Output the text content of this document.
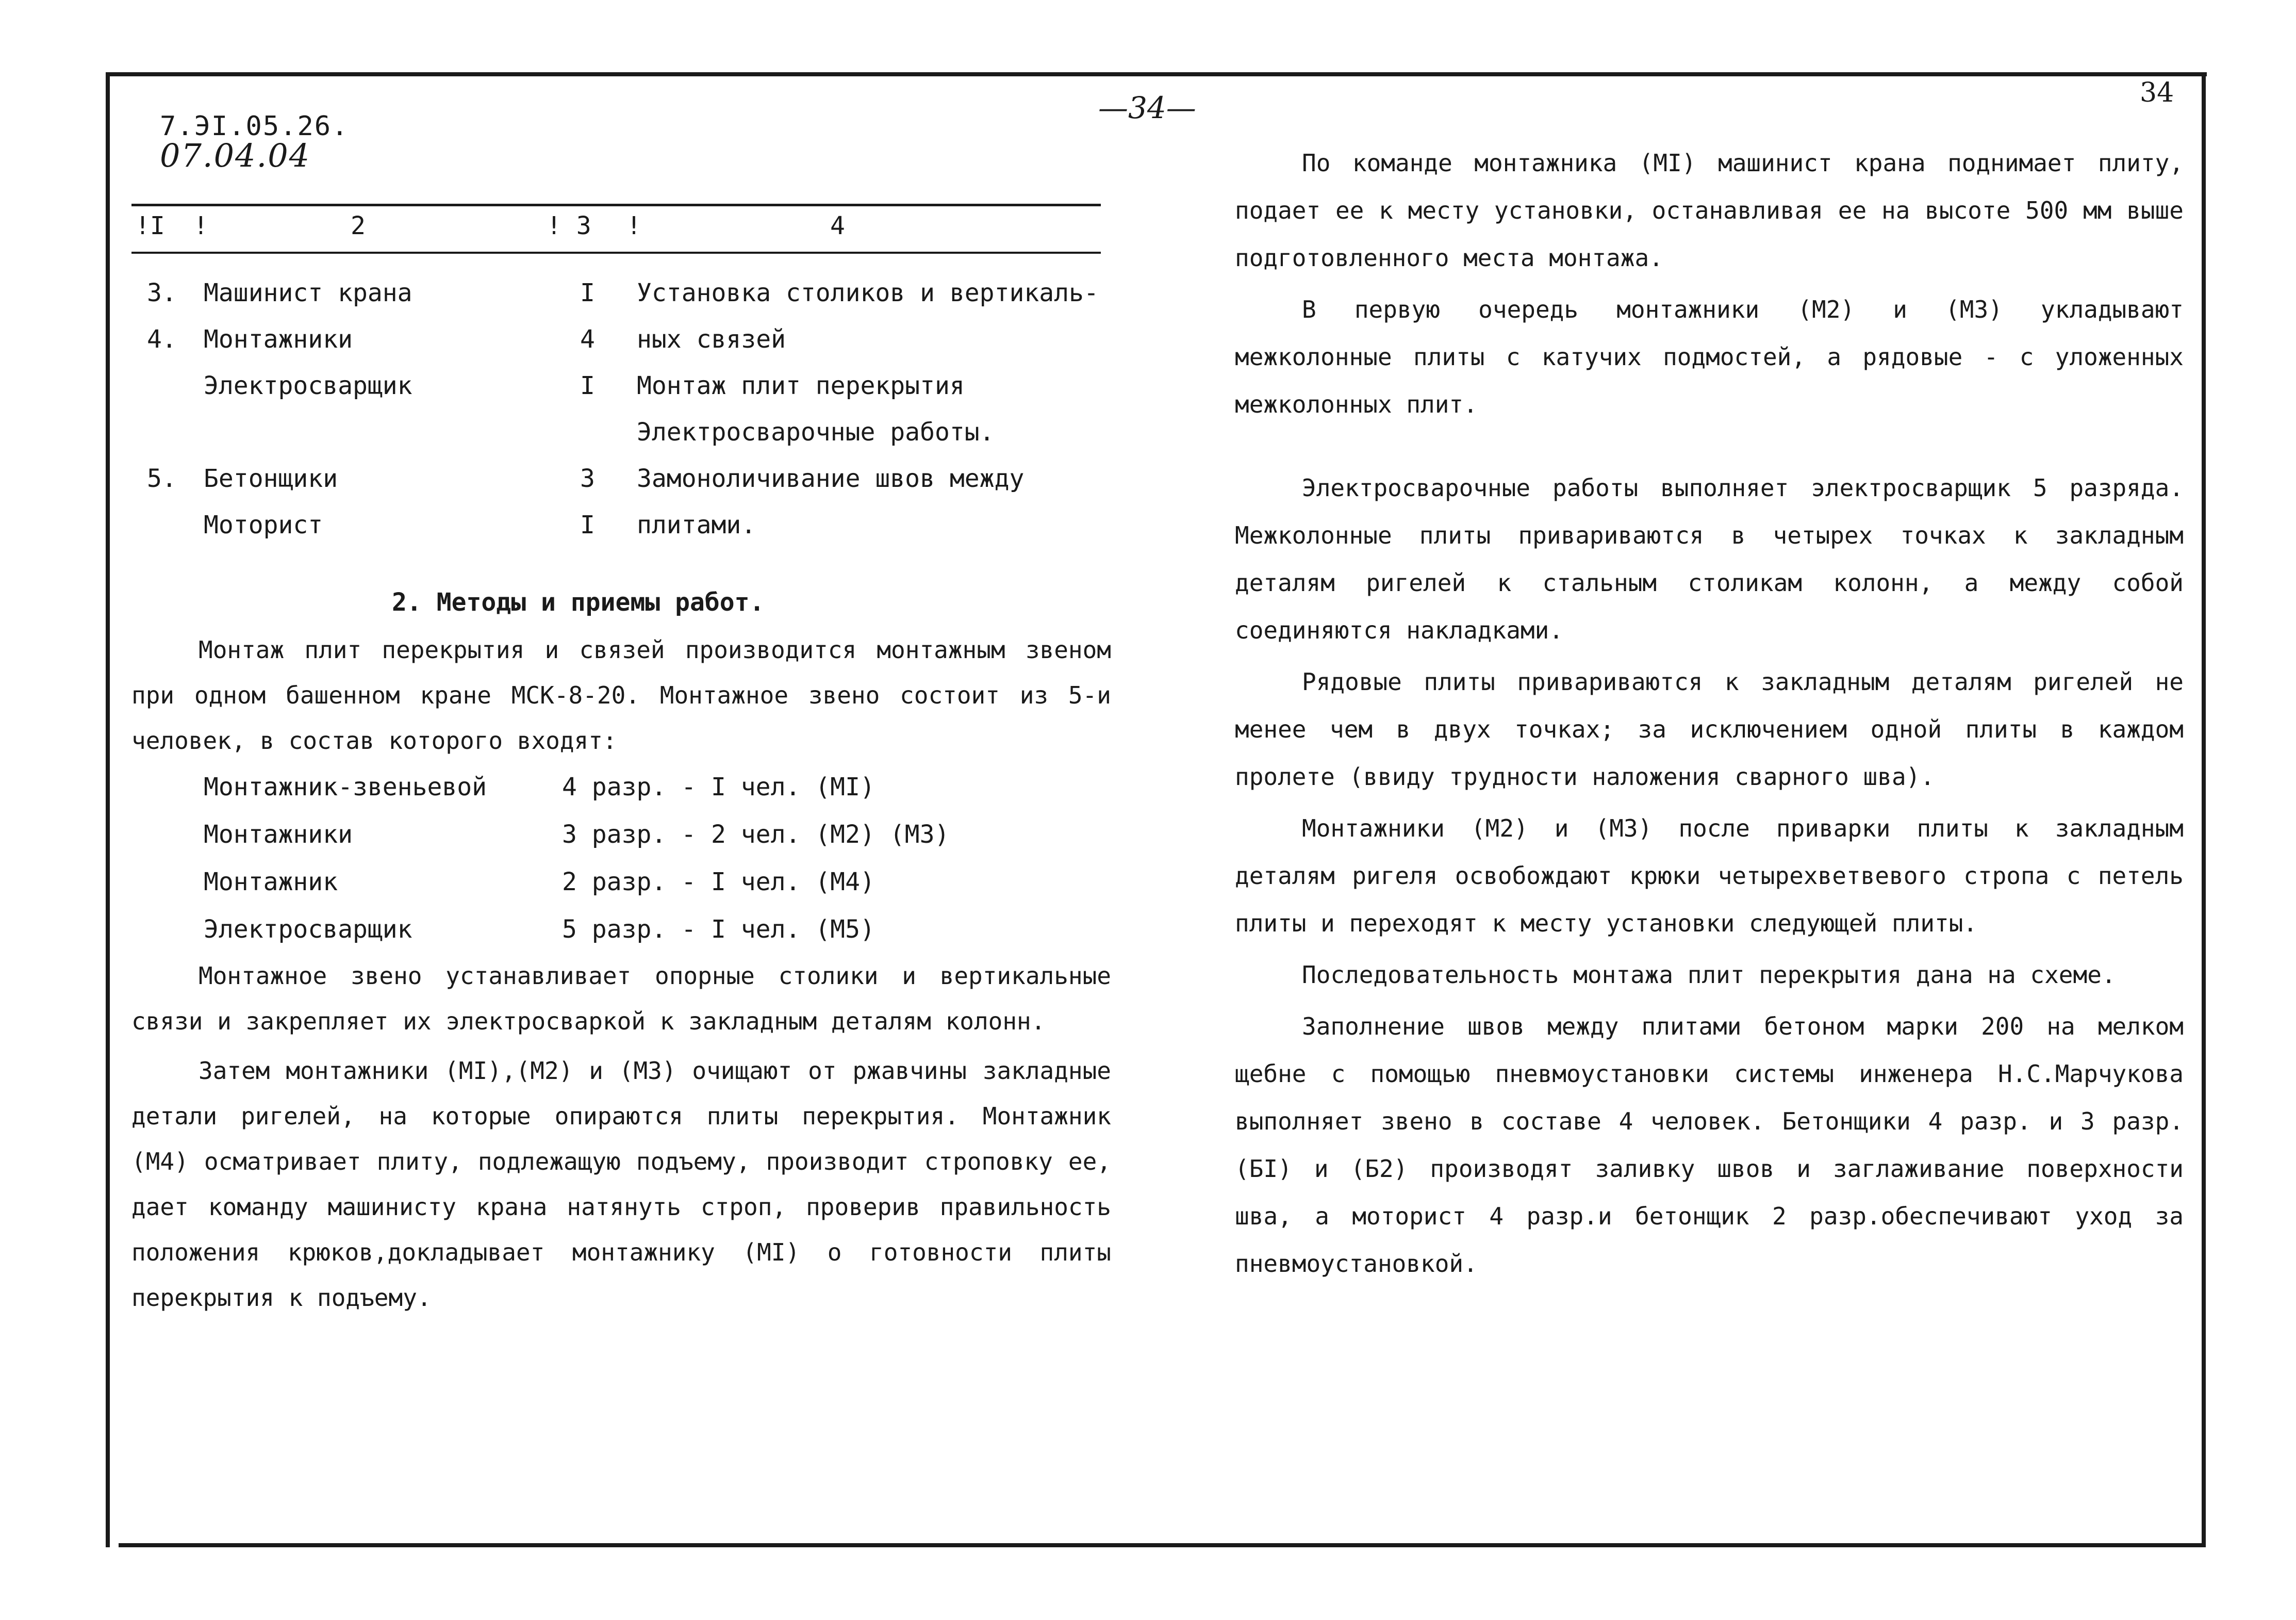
7.ЭI.05.26.
07.04.04
—34—	34
!I !	2	! 3 !	4
3. Машинист крана	I Установка столиков и вертикаль-
4. Монтажники	4 ных связей
Электросварщик	I Монтаж плит перекрытия
Электросварочные работы.
5. Бетонщики	3 Замоноличивание швов между
Моторист	I плитами.
2. Методы и приемы работ.

Монтаж плит перекрытия и связей производится монтажным звеном при одном башенном кране МСК-8-20. Монтажное звено состоит из 5-и человек, в состав которого входят:

Монтажник-звеньевой	4 разр. - I чел. (MI)
Монтажники	3 разр. - 2 чел. (M2) (M3)
Монтажник	2 разр. - I чел. (M4)
Электросварщик	5 разр. - I чел. (M5)

Монтажное звено устанавливает опорные столики и вертикальные связи и закрепляет их электросваркой к закладным деталям колонн.

Затем монтажники (MI),(M2) и (M3) очищают от ржавчины закладные детали ригелей, на которые опираются плиты перекрытия. Монтажник (M4) осматривает плиту, подлежащую подъему, производит строповку ее, дает команду машинисту крана натянуть строп, проверив правильность положения крюков,докладывает монтажнику (MI) о готовности плиты перекрытия к подъему.

По команде монтажника (MI) машинист крана поднимает плиту, подает ее к месту установки, останавливая ее на высоте 500 мм выше подготовленного места монтажа.

В первую очередь монтажники (M2) и (M3) укладывают межколонные плиты с катучих подмостей, а рядовые - с уложенных межколонных плит.

Электросварочные работы выполняет электросварщик 5 разряда. Межколонные плиты привариваются в четырех точках к закладным деталям ригелей к стальным столикам колонн, а между собой соединяются накладками.

Рядовые плиты привариваются к закладным деталям ригелей не менее чем в двух точках; за исключением одной плиты в каждом пролете (ввиду трудности наложения сварного шва).

Монтажники (M2) и (M3) после приварки плиты к закладным деталям ригеля освобождают крюки четырехветвевого стропа с петель плиты и переходят к месту установки следующей плиты.

Последовательность монтажа плит перекрытия дана на схеме.

Заполнение швов между плитами бетоном марки 200 на мелком щебне с помощью пневмоустановки системы инженера Н.С.Марчукова выполняет звено в составе 4 человек. Бетонщики 4 разр. и 3 разр. (БI) и (Б2) производят заливку швов и заглаживание поверхности шва, а моторист 4 разр.и бетонщик 2 разр.обеспечивают уход за пневмоустановкой.
